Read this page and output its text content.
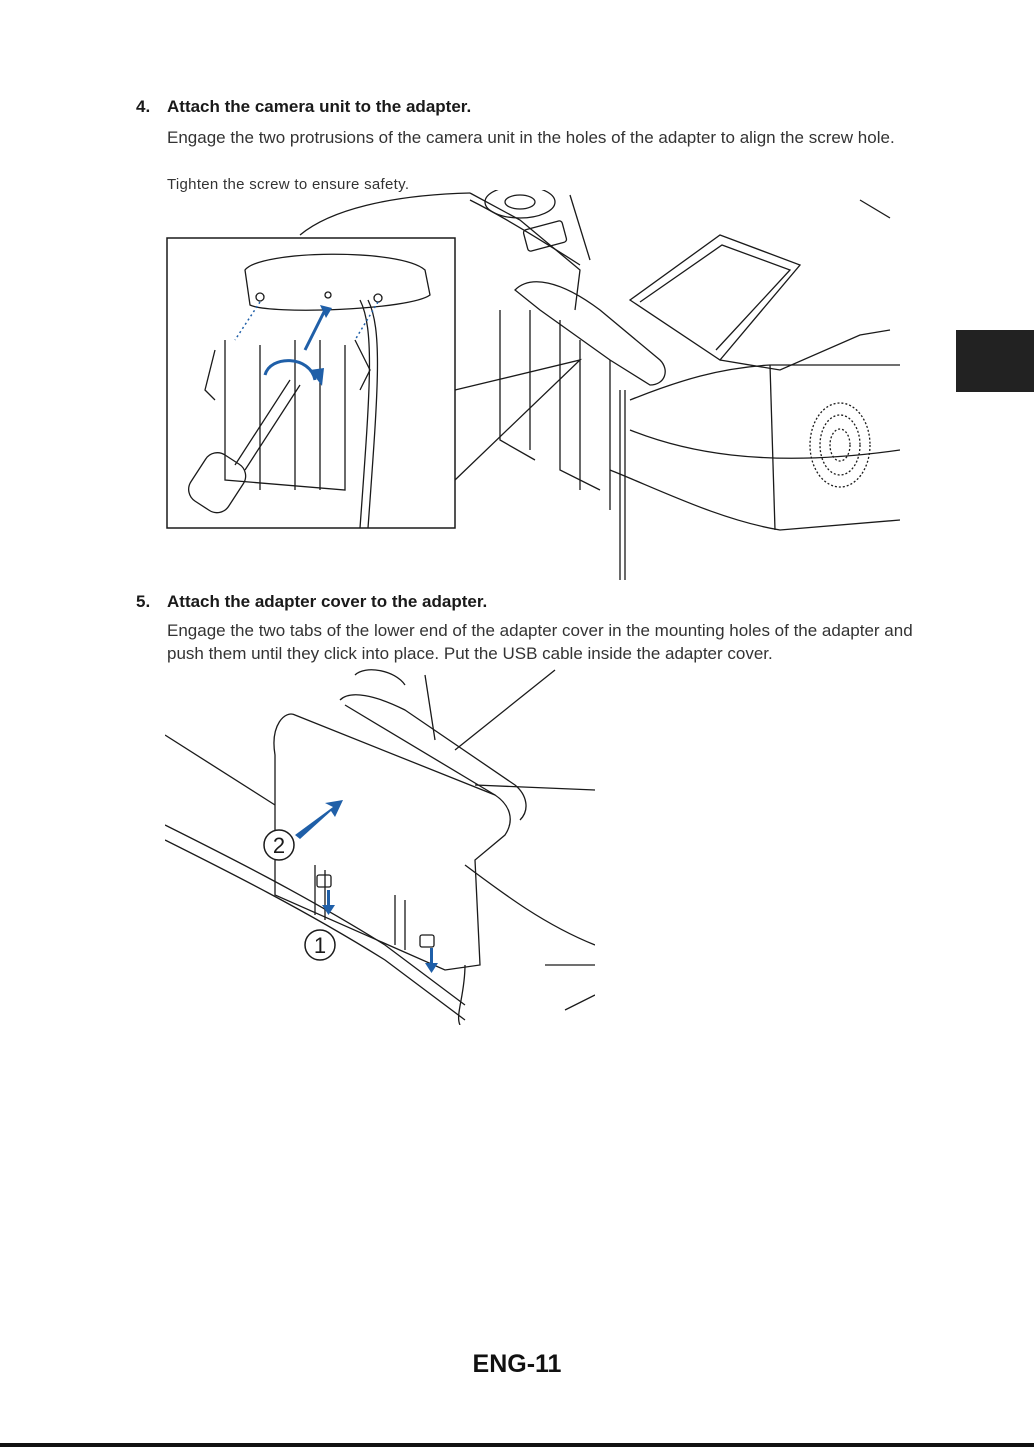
4. Attach the camera unit to the adapter.
Engage the two protrusions of the camera unit in the holes of the adapter to align the screw hole.
Tighten the screw to ensure safety.
5. Attach the adapter cover to the adapter.
Engage the two tabs of the lower end of the adapter cover in the mounting holes of the adapter and push them until they click into place. Put the USB cable inside the adapter cover.
2
1
ENG-11
